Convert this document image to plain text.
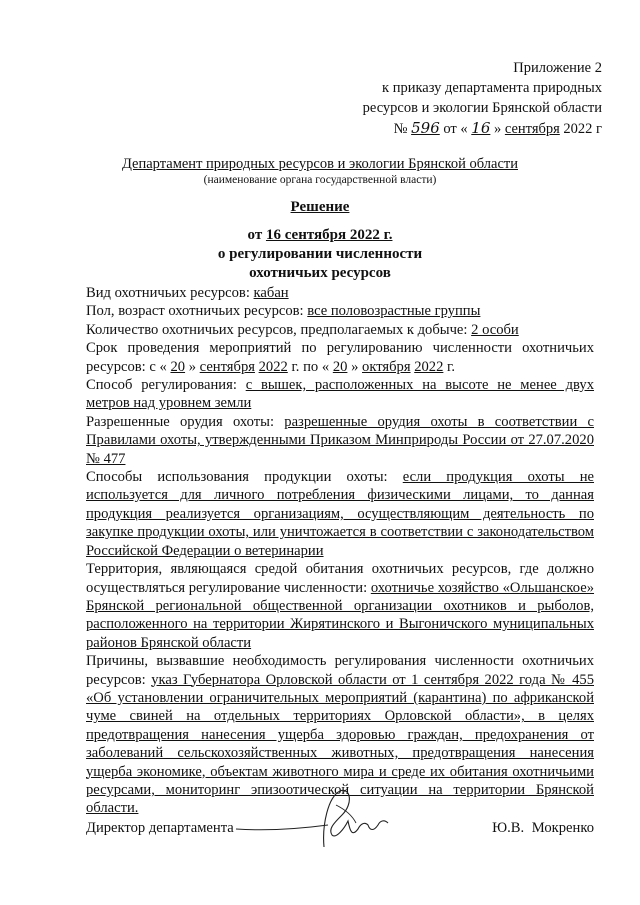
Приложение 2
к приказу департамента природных
ресурсов и экологии Брянской области
№ 596 от « 16 » сентября 2022 г
Департамент природных ресурсов и экологии Брянской области
(наименование органа государственной власти)
Решение
от 16 сентября 2022 г.
о регулировании численности
охотничьих ресурсов

Вид охотничьих ресурсов: кабан

Пол, возраст охотничьих ресурсов: все половозрастные группы

Количество охотничьих ресурсов, предполагаемых к добыче: 2 особи

Срок проведения мероприятий по регулированию численности охотничьих ресурсов: с « 20 » сентября 2022 г. по « 20 » октября 2022 г.

Способ регулирования: с вышек, расположенных на высоте не менее двух метров над уровнем земли

Разрешенные орудия охоты: разрешенные орудия охоты в соответствии с Правилами охоты, утвержденными Приказом Минприроды России от 27.07.2020 № 477

Способы использования продукции охоты: если продукция охоты не используется для личного потребления физическими лицами, то данная продукция реализуется организациям, осуществляющим деятельность по закупке продукции охоты, или уничтожается в соответствии с законодательством Российской Федерации о ветеринарии

Территория, являющаяся средой обитания охотничьих ресурсов, где должно осуществляться регулирование численности: охотничье хозяйство «Ольшанское» Брянской региональной общественной организации охотников и рыболов, расположенного на территории Жирятинского и Выгоничского муниципальных районов Брянской области

Причины, вызвавшие необходимость регулирования численности охотничьих ресурсов: указ Губернатора Орловской области от 1 сентября 2022 года № 455 «Об установлении ограничительных мероприятий (карантина) по африканской чуме свиней на отдельных территориях Орловской области», в целях предотвращения нанесения ущерба здоровью граждан, предохранения от заболеваний сельскохозяйственных животных, предотвращения нанесения ущерба экономике, объектам животного мира и среде их обитания охотничьими ресурсами, мониторинг эпизоотической ситуации на территории Брянской области.

Директор департамента	Ю.В. Мокренко
